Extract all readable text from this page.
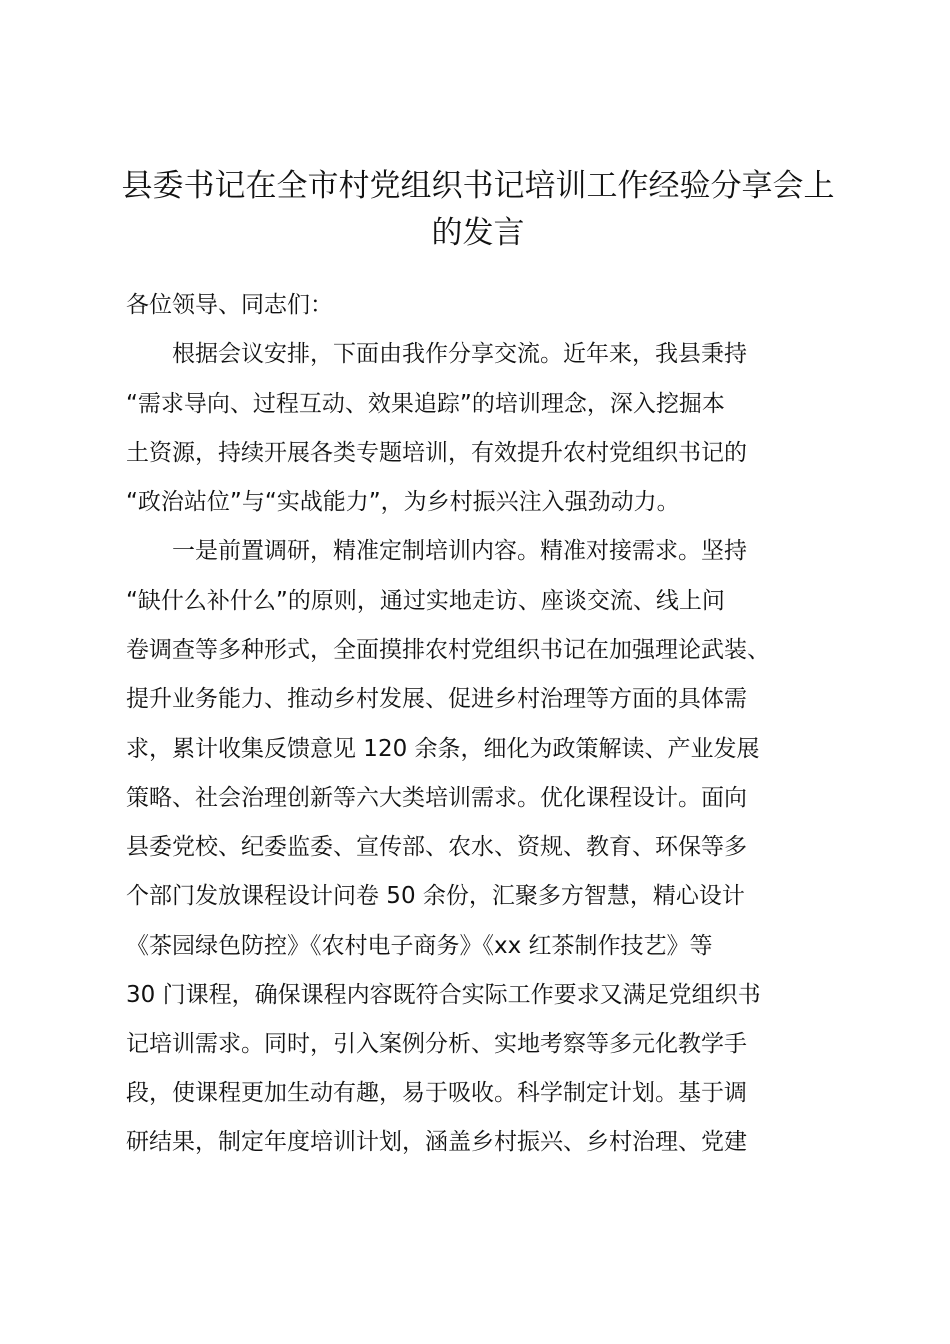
县委书记在全市村党组织书记培训工作经验分享会上的发言

各位领导、同志们：

　　根据会议安排，下面由我作分享交流。近年来，我县秉持

“需求导向、过程互动、效果追踪”的培训理念，深入挖掘本

土资源，持续开展各类专题培训，有效提升农村党组织书记的

“政治站位”与“实战能力”，为乡村振兴注入强劲动力。

　　一是前置调研，精准定制培训内容。精准对接需求。坚持

“缺什么补什么”的原则，通过实地走访、座谈交流、线上问

卷调查等多种形式，全面摸排农村党组织书记在加强理论武装、

提升业务能力、推动乡村发展、促进乡村治理等方面的具体需

求，累计收集反馈意见 120 余条，细化为政策解读、产业发展

策略、社会治理创新等六大类培训需求。优化课程设计。面向

县委党校、纪委监委、宣传部、农水、资规、教育、环保等多

个部门发放课程设计问卷 50 余份，汇聚多方智慧，精心设计

《茶园绿色防控》《农村电子商务》《xx 红茶制作技艺》等

30 门课程，确保课程内容既符合实际工作要求又满足党组织书

记培训需求。同时，引入案例分析、实地考察等多元化教学手

段，使课程更加生动有趣，易于吸收。科学制定计划。基于调

研结果，制定年度培训计划，涵盖乡村振兴、乡村治理、党建
